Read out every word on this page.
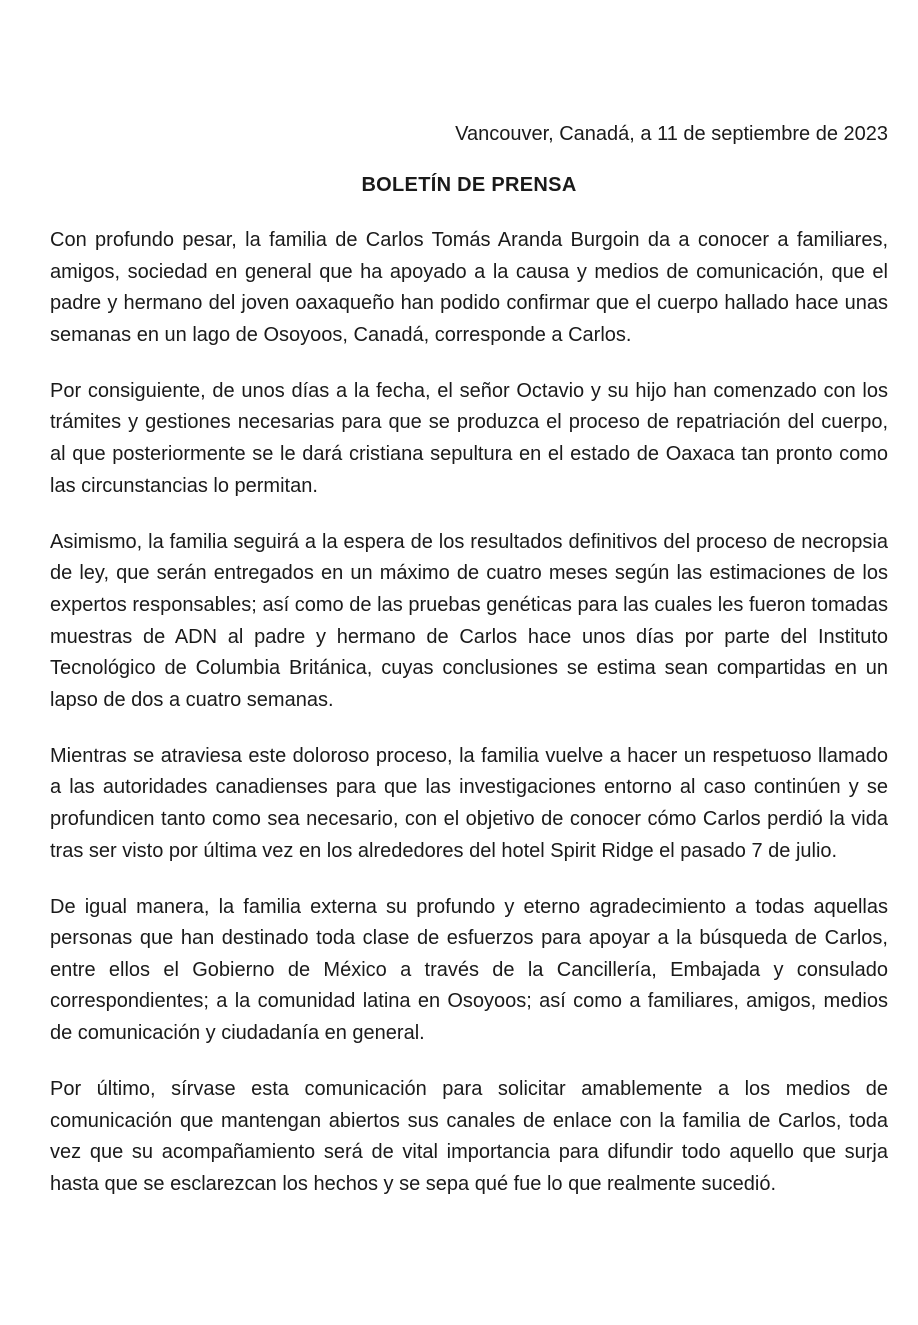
Vancouver, Canadá, a 11 de septiembre de 2023
BOLETÍN DE PRENSA

Con profundo pesar, la familia de Carlos Tomás Aranda Burgoin da a conocer a familiares, amigos, sociedad en general que ha apoyado a la causa y medios de comunicación, que el padre y hermano del joven oaxaqueño han podido confirmar que el cuerpo hallado hace unas semanas en un lago de Osoyoos, Canadá, corresponde a Carlos.

Por consiguiente, de unos días a la fecha, el señor Octavio y su hijo han comenzado con los trámites y gestiones necesarias para que se produzca el proceso de repatriación del cuerpo, al que posteriormente se le dará cristiana sepultura en el estado de Oaxaca tan pronto como las circunstancias lo permitan.

Asimismo, la familia seguirá a la espera de los resultados definitivos del proceso de necropsia de ley, que serán entregados en un máximo de cuatro meses según las estimaciones de los expertos responsables; así como de las pruebas genéticas para las cuales les fueron tomadas muestras de ADN al padre y hermano de Carlos hace unos días por parte del Instituto Tecnológico de Columbia Británica, cuyas conclusiones se estima sean compartidas en un lapso de dos a cuatro semanas.

Mientras se atraviesa este doloroso proceso, la familia vuelve a hacer un respetuoso llamado a las autoridades canadienses para que las investigaciones entorno al caso continúen y se profundicen tanto como sea necesario, con el objetivo de conocer cómo Carlos perdió la vida tras ser visto por última vez en los alrededores del hotel Spirit Ridge el pasado 7 de julio.

De igual manera, la familia externa su profundo y eterno agradecimiento a todas aquellas personas que han destinado toda clase de esfuerzos para apoyar a la búsqueda de Carlos, entre ellos el Gobierno de México a través de la Cancillería, Embajada y consulado correspondientes; a la comunidad latina en Osoyoos; así como a familiares, amigos, medios de comunicación y ciudadanía en general.

Por último, sírvase esta comunicación para solicitar amablemente a los medios de comunicación que mantengan abiertos sus canales de enlace con la familia de Carlos, toda vez que su acompañamiento será de vital importancia para difundir todo aquello que surja hasta que se esclarezcan los hechos y se sepa qué fue lo que realmente sucedió.
